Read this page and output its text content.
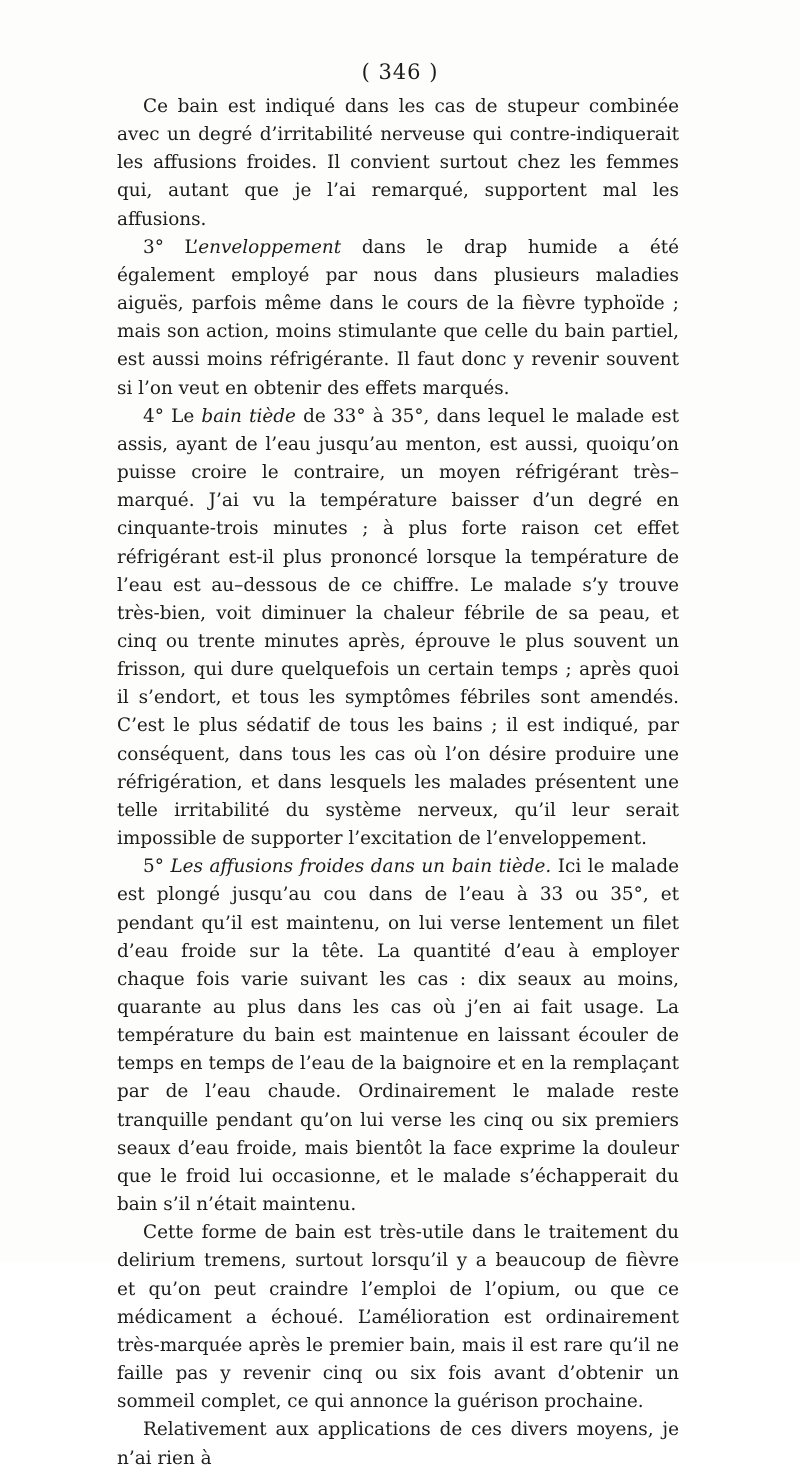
( 346 )

Ce bain est indiqué dans les cas de stupeur combinée avec un degré d’irritabilité nerveuse qui contre-indiquerait les affusions froides. Il convient surtout chez les femmes qui, autant que je l’ai remarqué, supportent mal les affusions.

3° L’enveloppement dans le drap humide a été également employé par nous dans plusieurs maladies aiguës, parfois même dans le cours de la fièvre typhoïde ; mais son action, moins stimulante que celle du bain partiel, est aussi moins réfrigérante. Il faut donc y revenir souvent si l’on veut en obtenir des effets marqués.

4° Le bain tiède de 33° à 35°, dans lequel le malade est assis, ayant de l’eau jusqu’au menton, est aussi, quoiqu’on puisse croire le contraire, un moyen réfrigérant très–marqué. J’ai vu la température baisser d’un degré en cinquante-trois minutes ; à plus forte raison cet effet réfrigérant est-il plus prononcé lorsque la température de l’eau est au–dessous de ce chiffre. Le malade s’y trouve très-bien, voit diminuer la chaleur fébrile de sa peau, et cinq ou trente minutes après, éprouve le plus souvent un frisson, qui dure quelquefois un certain temps ; après quoi il s’endort, et tous les symptômes fébriles sont amendés. C’est le plus sédatif de tous les bains ; il est indiqué, par conséquent, dans tous les cas où l’on désire produire une réfrigération, et dans lesquels les malades présentent une telle irritabilité du système nerveux, qu’il leur serait impossible de supporter l’excitation de l’enveloppement.

5° Les affusions froides dans un bain tiède. Ici le malade est plongé jusqu’au cou dans de l’eau à 33 ou 35°, et pendant qu’il est maintenu, on lui verse lentement un filet d’eau froide sur la tête. La quantité d’eau à employer chaque fois varie suivant les cas : dix seaux au moins, quarante au plus dans les cas où j’en ai fait usage. La température du bain est maintenue en laissant écouler de temps en temps de l’eau de la baignoire et en la remplaçant par de l’eau chaude. Ordinairement le malade reste tranquille pendant qu’on lui verse les cinq ou six premiers seaux d’eau froide, mais bientôt la face exprime la douleur que le froid lui occasionne, et le malade s’échapperait du bain s’il n’était maintenu.

Cette forme de bain est très-utile dans le traitement du delirium tremens, surtout lorsqu’il y a beaucoup de fièvre et qu’on peut craindre l’emploi de l’opium, ou que ce médicament a échoué. L’amélioration est ordinairement très-marquée après le premier bain, mais il est rare qu’il ne faille pas y revenir cinq ou six fois avant d’obtenir un sommeil complet, ce qui annonce la guérison prochaine.

Relativement aux applications de ces divers moyens, je n’ai rien à
